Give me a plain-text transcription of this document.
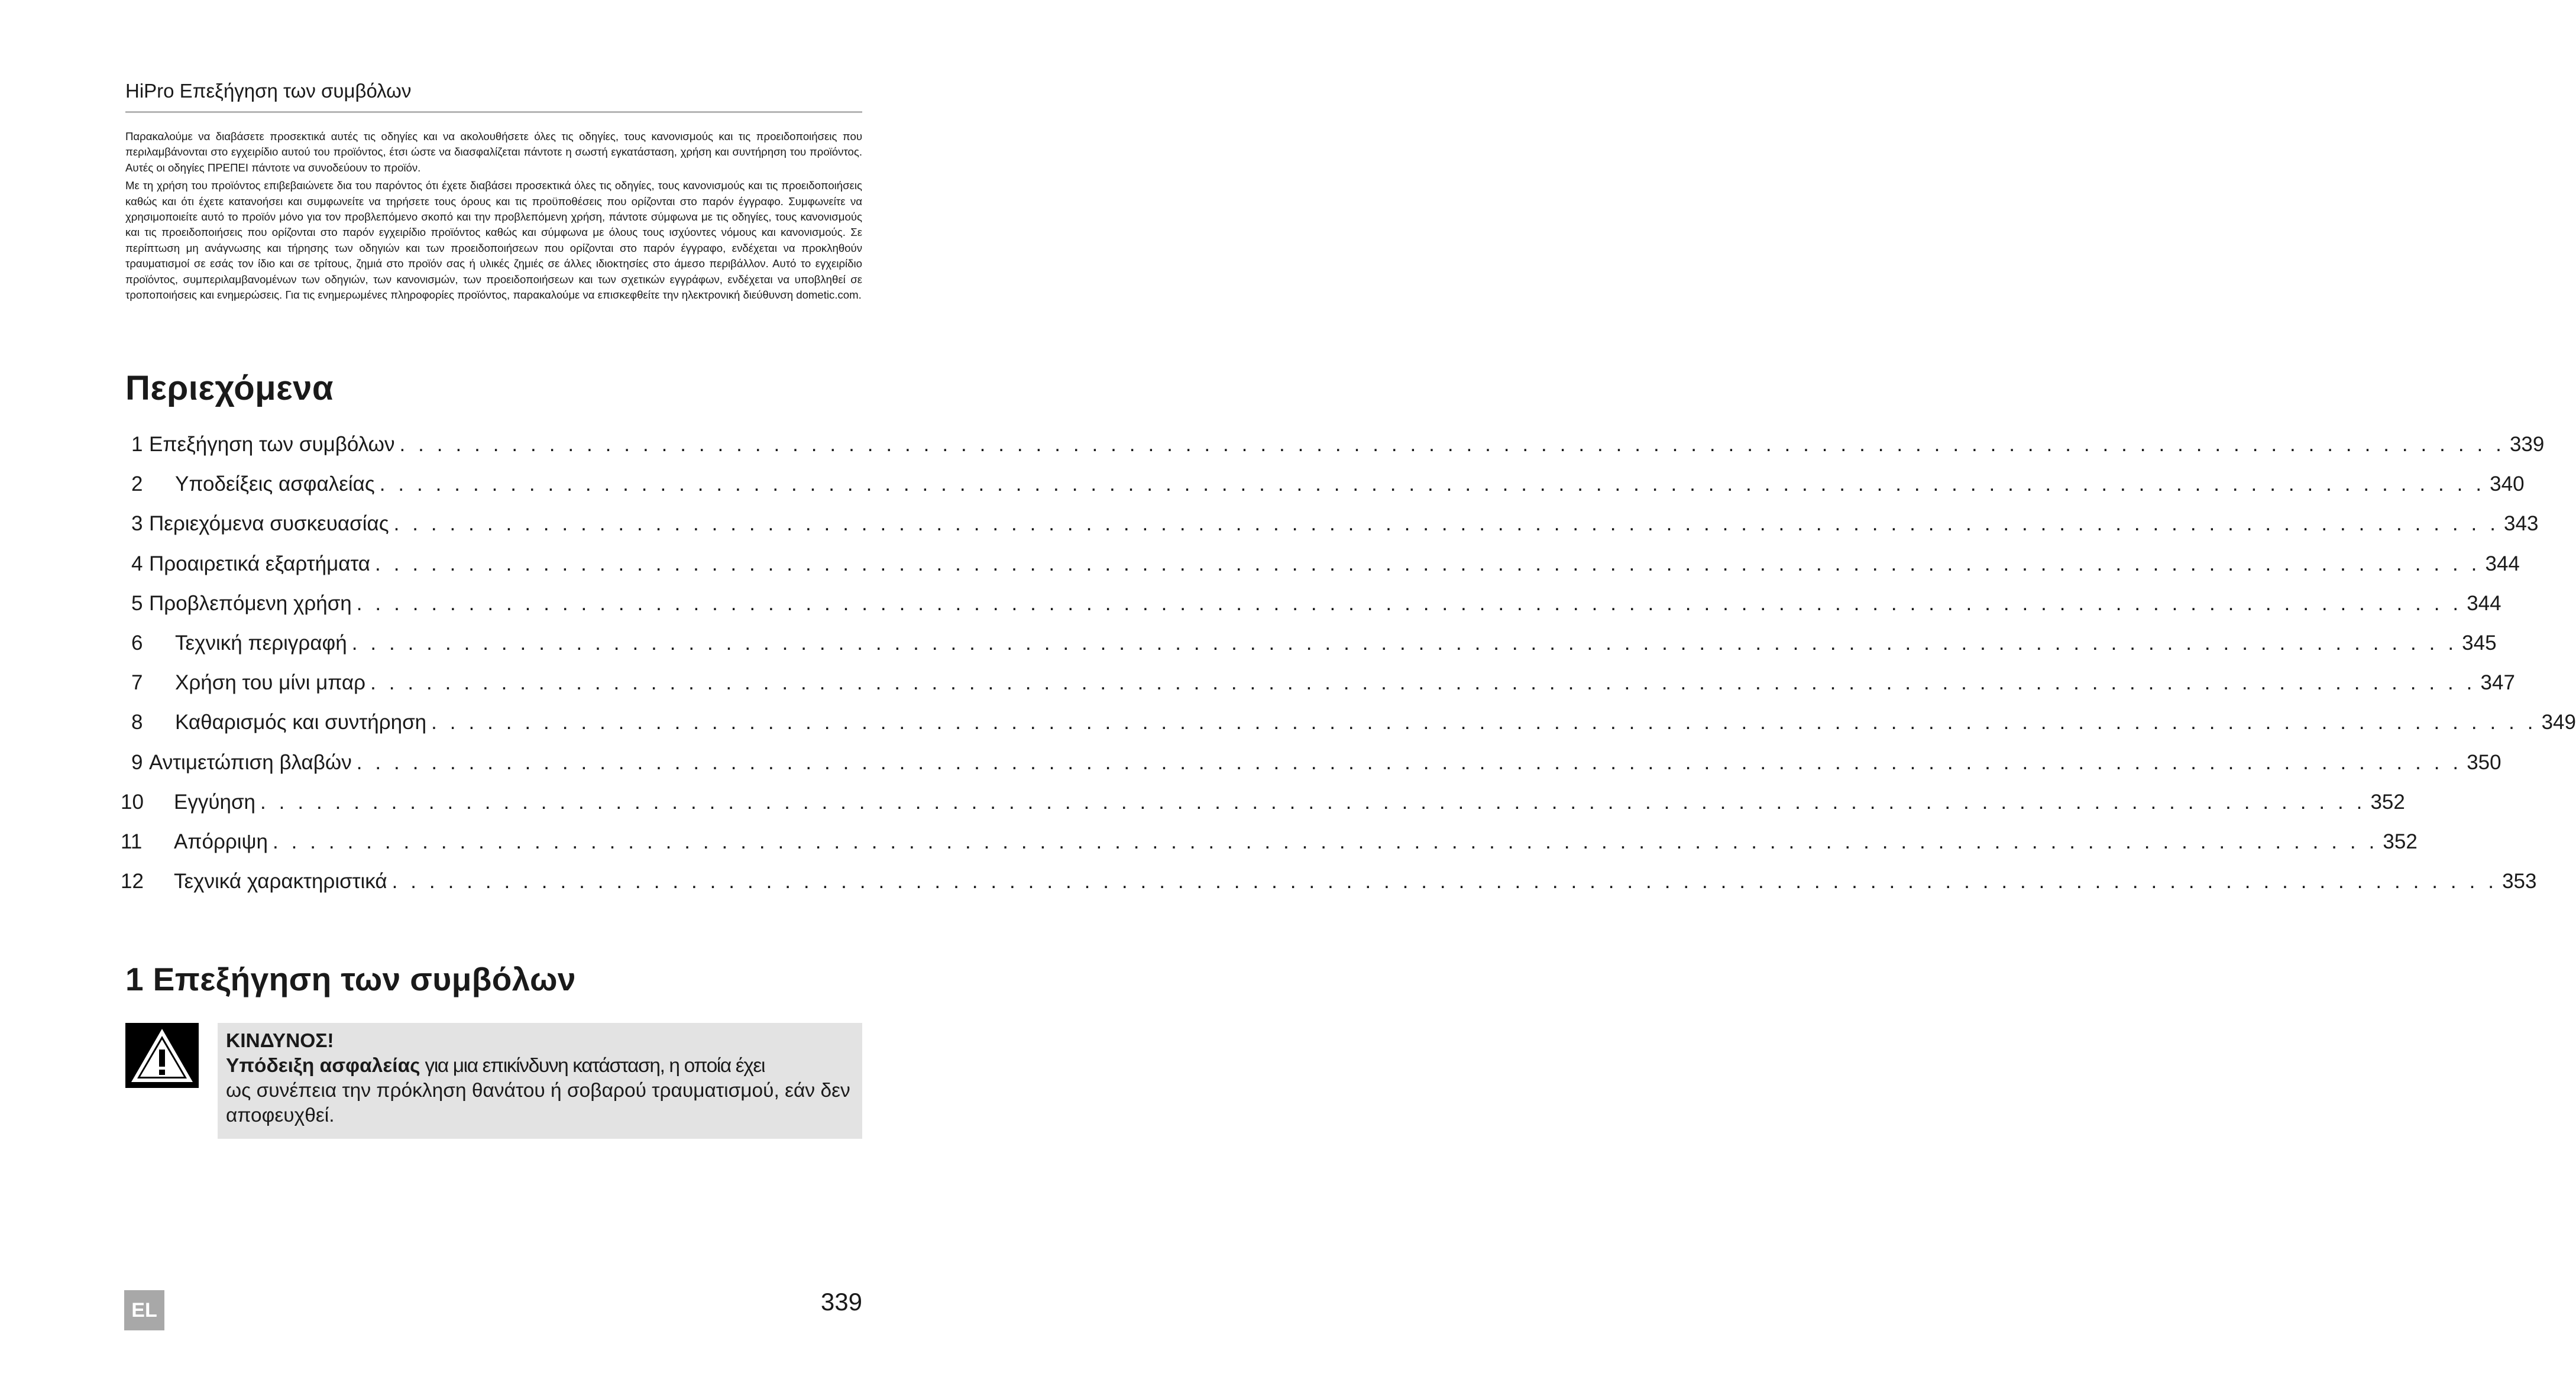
HiPro Επεξήγηση των συμβόλων

Παρακαλούμε να διαβάσετε προσεκτικά αυτές τις οδηγίες και να ακολουθήσετε όλες τις οδηγίες, τους κανονισμούς και τις προειδοποιήσεις που περιλαμβάνονται στο εγχειρίδιο αυτού του προϊόντος, έτσι ώστε να διασφαλίζεται πάντοτε η σωστή εγκατάσταση, χρήση και συντήρηση του προϊόντος. Αυτές οι οδηγίες ΠΡΕΠΕΙ πάντοτε να συνοδεύουν το προϊόν.

Με τη χρήση του προϊόντος επιβεβαιώνετε δια του παρόντος ότι έχετε διαβάσει προσεκτικά όλες τις οδηγίες, τους κανονισμούς και τις προειδοποιήσεις καθώς και ότι έχετε κατανοήσει και συμφωνείτε να τηρήσετε τους όρους και τις προϋποθέσεις που ορίζονται στο παρόν έγγραφο. Συμφωνείτε να χρησιμοποιείτε αυτό το προϊόν μόνο για τον προβλεπόμενο σκοπό και την προβλεπόμενη χρήση, πάντοτε σύμφωνα με τις οδηγίες, τους κανονισμούς και τις προειδοποιήσεις που ορίζονται στο παρόν εγχειρίδιο προϊόντος καθώς και σύμφωνα με όλους τους ισχύοντες νόμους και κανονισμούς. Σε περίπτωση μη ανάγνωσης και τήρησης των οδηγιών και των προειδοποιήσεων που ορίζονται στο παρόν έγγραφο, ενδέχεται να προκληθούν τραυματισμοί σε εσάς τον ίδιο και σε τρίτους, ζημιά στο προϊόν σας ή υλικές ζημιές σε άλλες ιδιοκτησίες στο άμεσο περιβάλλον. Αυτό το εγχειρίδιο προϊόντος, συμπεριλαμβανομένων των οδηγιών, των κανονισμών, των προειδοποιήσεων και των σχετικών εγγράφων, ενδέχεται να υποβληθεί σε τροποποιήσεις και ενημερώσεις. Για τις ενημερωμένες πληροφορίες προϊόντος, παρακαλούμε να επισκεφθείτε την ηλεκτρονική διεύθυνση dometic.com.

Περιεχόμενα
1 Επεξήγηση των συμβόλων . . .	339
2	Υποδείξεις ασφαλείας . . .	340
3 Περιεχόμενα συσκευασίας . . .	343
4 Προαιρετικά εξαρτήματα . . .	344
5 Προβλεπόμενη χρήση . . .	344
6	Τεχνική περιγραφή . . .	345
7	Χρήση του μίνι μπαρ . . .	347
8	Καθαρισμός και συντήρηση . . .	349
9 Αντιμετώπιση βλαβών . . .	350
10	Εγγύηση . . .	352
11	Απόρριψη . . .	352
12	Τεχνικά χαρακτηριστικά . . .	353
1 Επεξήγηση των συμβόλων
ΚΙΝΔΥΝΟΣ!
Υπόδειξη ασφαλείας για μια επικίνδυνη κατάσταση, η οποία έχει
ως συνέπεια την πρόκληση θανάτου ή σοβαρού τραυματισμού, εάν δεν αποφευχθεί.
EL	339
